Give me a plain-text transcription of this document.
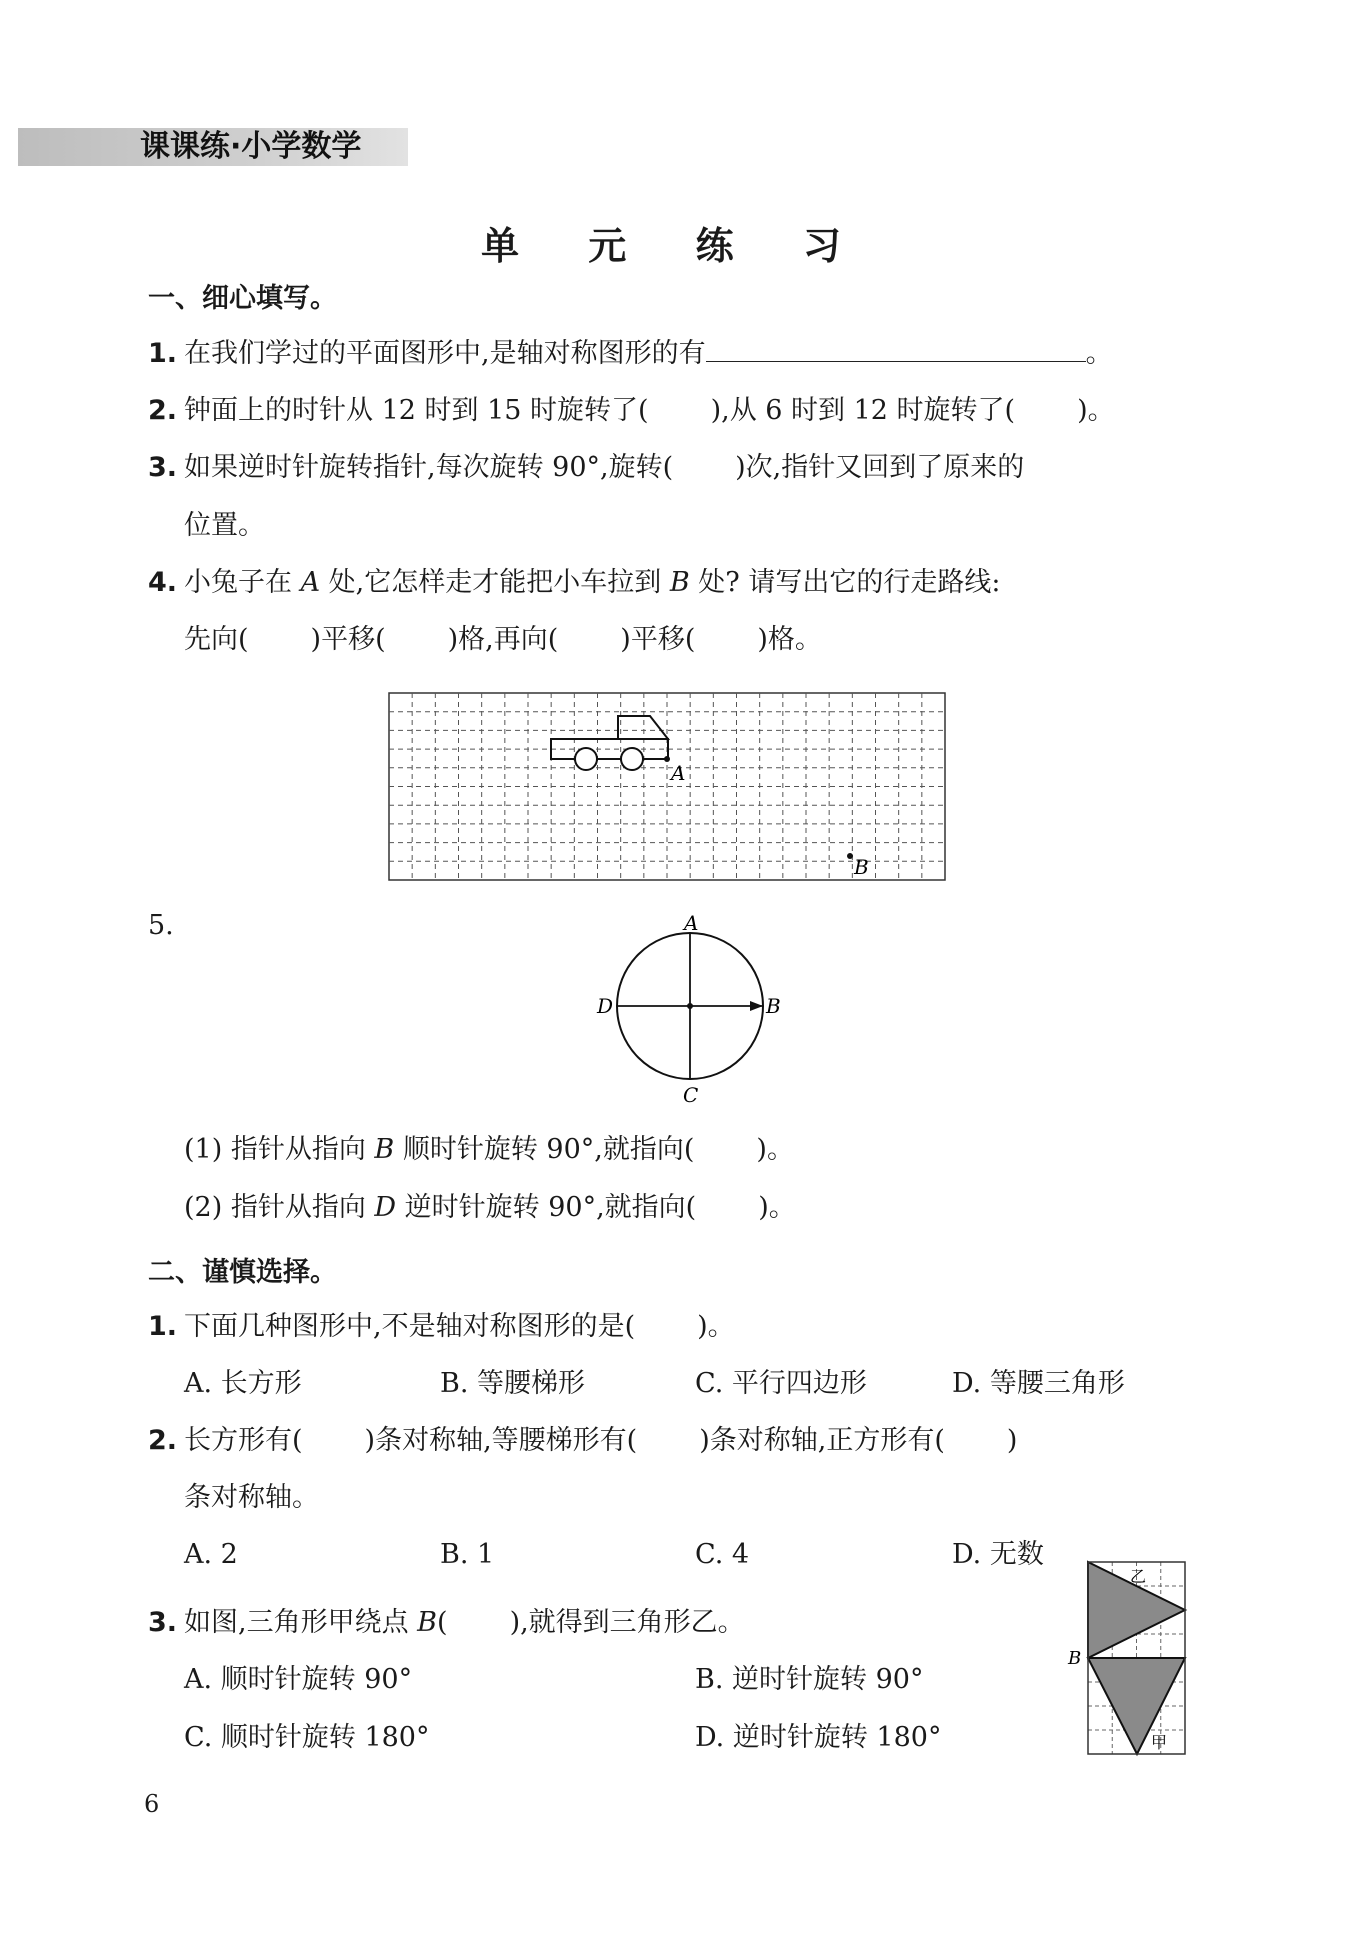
课课练·小学数学
单 元 练 习
一、细心填写。
1. 在我们学过的平面图形中,是轴对称图形的有	。
2. 钟面上的时针从 12 时到 15 时旋转了( ),从 6 时到 12 时旋转了( )。
3. 如果逆时针旋转指针,每次旋转 90°,旋转( )次,指针又回到了原来的
位置。
4. 小兔子在 A 处,它怎样走才能把小车拉到 B 处? 请写出它的行走路线:
先向( )平移( )格,再向( )平移( )格。
A
B
5.	A
B
C
D
(1) 指针从指向 B 顺时针旋转 90°,就指向( )。
(2) 指针从指向 D 逆时针旋转 90°,就指向( )。
二、谨慎选择。
1. 下面几种图形中,不是轴对称图形的是( )。
A. 长方形	B. 等腰梯形	C. 平行四边形	D. 等腰三角形
2. 长方形有( )条对称轴,等腰梯形有( )条对称轴,正方形有( )
条对称轴。
A. 2	B. 1	C. 4	D. 无数
3. 如图,三角形甲绕点 B( ),就得到三角形乙。
A. 顺时针旋转 90°	B. 逆时针旋转 90°
C. 顺时针旋转 180°	D. 逆时针旋转 180°
乙
甲
B
6
